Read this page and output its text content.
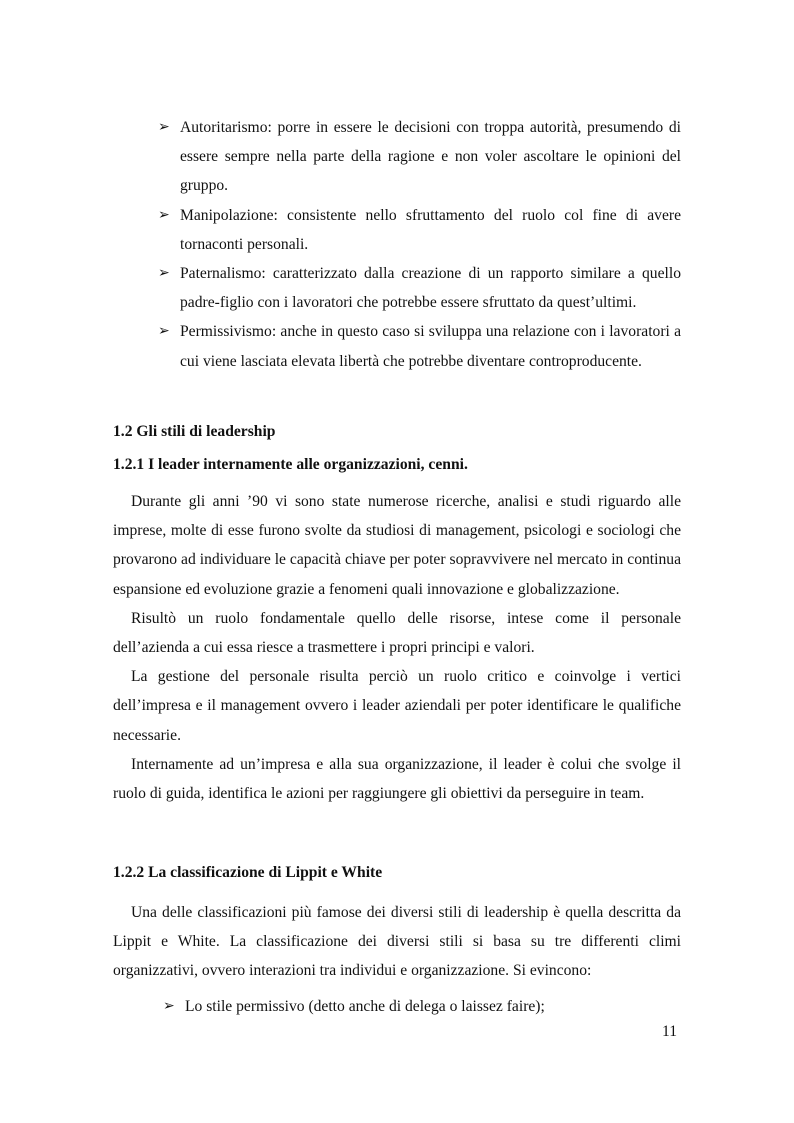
➢ Autoritarismo: porre in essere le decisioni con troppa autorità, presumendo di essere sempre nella parte della ragione e non voler ascoltare le opinioni del gruppo.
➢ Manipolazione: consistente nello sfruttamento del ruolo col fine di avere tornaconti personali.
➢ Paternalismo: caratterizzato dalla creazione di un rapporto similare a quello padre-figlio con i lavoratori che potrebbe essere sfruttato da quest’ultimi.
➢ Permissivismo: anche in questo caso si sviluppa una relazione con i lavoratori a cui viene lasciata elevata libertà che potrebbe diventare controproducente.
1.2 Gli stili di leadership
1.2.1 I leader internamente alle organizzazioni, cenni.

Durante gli anni ’90 vi sono state numerose ricerche, analisi e studi riguardo alle imprese, molte di esse furono svolte da studiosi di management, psicologi e sociologi che provarono ad individuare le capacità chiave per poter sopravvivere nel mercato in continua espansione ed evoluzione grazie a fenomeni quali innovazione e globalizzazione.

Risultò un ruolo fondamentale quello delle risorse, intese come il personale dell’azienda a cui essa riesce a trasmettere i propri principi e valori.

La gestione del personale risulta perciò un ruolo critico e coinvolge i vertici dell’impresa e il management ovvero i leader aziendali per poter identificare le qualifiche necessarie.

Internamente ad un’impresa e alla sua organizzazione, il leader è colui che svolge il ruolo di guida, identifica le azioni per raggiungere gli obiettivi da perseguire in team.

1.2.2 La classificazione di Lippit e White

Una delle classificazioni più famose dei diversi stili di leadership è quella descritta da Lippit e White. La classificazione dei diversi stili si basa su tre differenti climi organizzativi, ovvero interazioni tra individui e organizzazione. Si evincono:

➢ Lo stile permissivo (detto anche di delega o laissez faire);
11
